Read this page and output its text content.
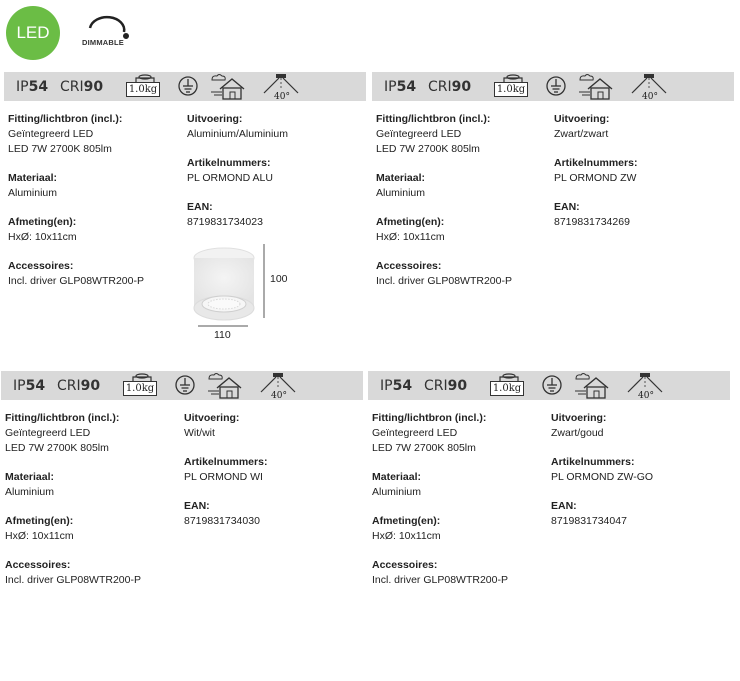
LED
DIMMABLE
IP54 CRI90	1.0kg
40°
Fitting/lichtbron (incl.):
Geïntegreerd LED
LED 7W 2700K 805lm
Materiaal:
Aluminium
Afmeting(en):
HxØ: 10x11cm
Accessoires:
Incl. driver GLP08WTR200-P
Uitvoering:
Aluminium/Aluminium
Artikelnummers:
PL ORMOND ALU
EAN:
8719831734023
IP54 CRI90	1.0kg
40°
Fitting/lichtbron (incl.):
Geïntegreerd LED
LED 7W 2700K 805lm
Materiaal:
Aluminium
Afmeting(en):
HxØ: 10x11cm
Accessoires:
Incl. driver GLP08WTR200-P
Uitvoering:
Zwart/zwart
Artikelnummers:
PL ORMOND ZW
EAN:
8719831734269
IP54 CRI90	1.0kg
40°
Fitting/lichtbron (incl.):
Geïntegreerd LED
LED 7W 2700K 805lm
Materiaal:
Aluminium
Afmeting(en):
HxØ: 10x11cm
Accessoires:
Incl. driver GLP08WTR200-P
Uitvoering:
Wit/wit
Artikelnummers:
PL ORMOND WI
EAN:
8719831734030
IP54 CRI90	1.0kg
40°
Fitting/lichtbron (incl.):
Geïntegreerd LED
LED 7W 2700K 805lm
Materiaal:
Aluminium
Afmeting(en):
HxØ: 10x11cm
Accessoires:
Incl. driver GLP08WTR200-P
Uitvoering:
Zwart/goud
Artikelnummers:
PL ORMOND ZW-GO
EAN:
8719831734047
100
110
